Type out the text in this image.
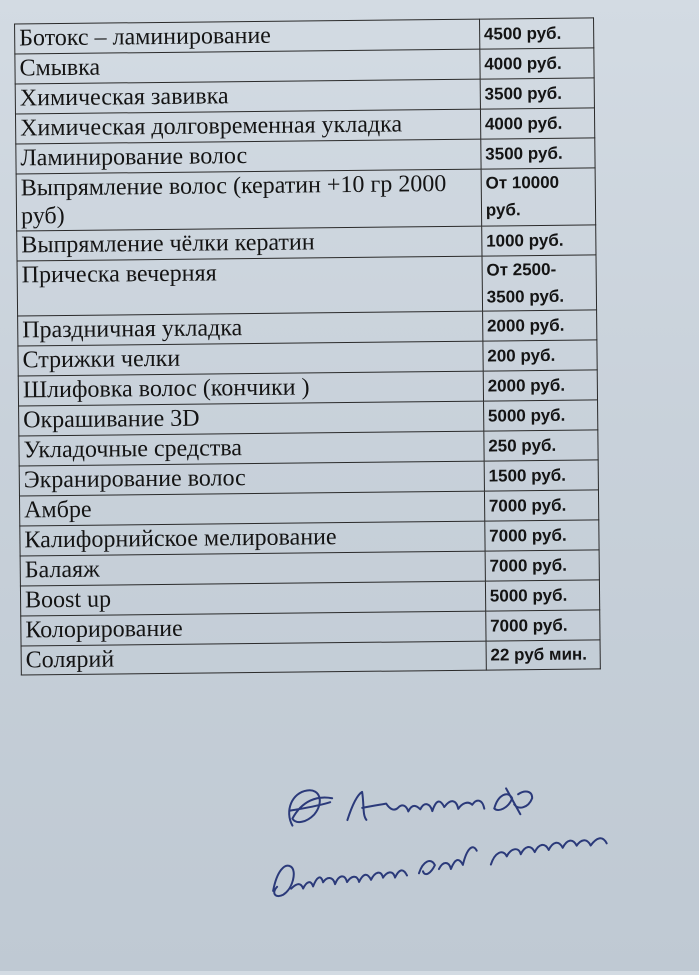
Ботокс – ламинирование	4500 руб.
Смывка	4000 руб.
Химическая завивка	3500 руб.
Химическая долговременная укладка	4000 руб.
Ламинирование волос	3500 руб.
Выпрямление волос (кератин +10 гр 2000 руб)	От 10000 руб.
Выпрямление чёлки кератин	1000 руб.
Прическа вечерняя	От 2500-3500 руб.
Праздничная укладка	2000 руб.
Стрижки челки	200 руб.
Шлифовка волос (кончики )	2000 руб.
Окрашивание 3D	5000 руб.
Укладочные средства	250 руб.
Экранирование волос	1500 руб.
Амбре	7000 руб.
Калифорнийское мелирование	7000 руб.
Балаяж	7000 руб.
Boost up	5000 руб.
Колорирование	7000 руб.
Солярий	22 руб мин.
